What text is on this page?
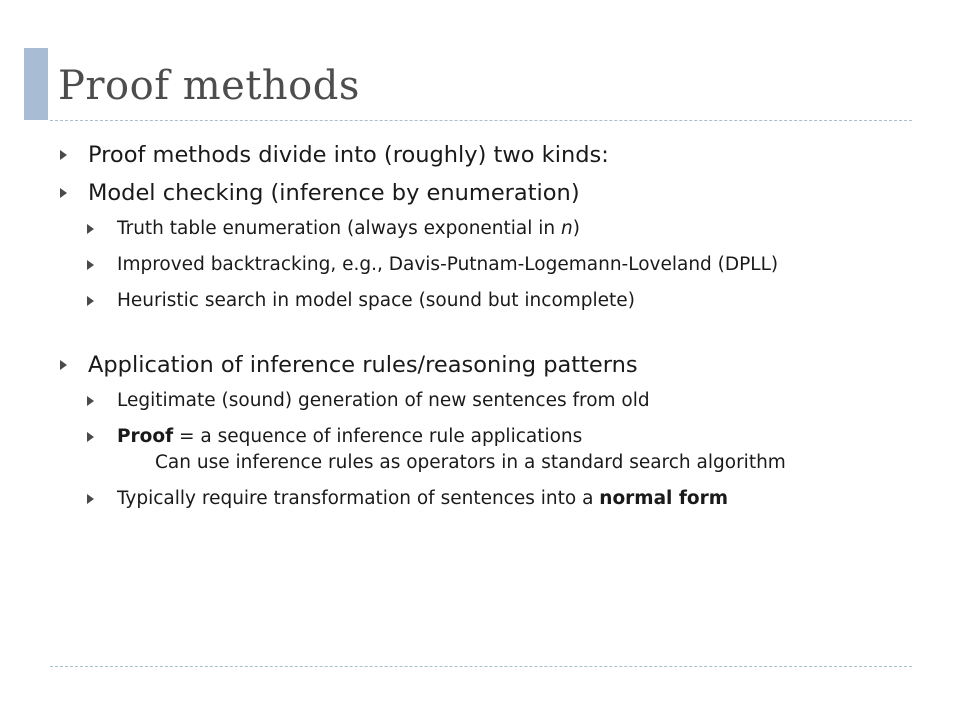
Proof methods
Proof methods divide into (roughly) two kinds:
Model checking (inference by enumeration)
Truth table enumeration (always exponential in n)
Improved backtracking, e.g., Davis-Putnam-Logemann-Loveland (DPLL)
Heuristic search in model space (sound but incomplete)
Application of inference rules/reasoning patterns
Legitimate (sound) generation of new sentences from old
Proof = a sequence of inference rule applications
Can use inference rules as operators in a standard search algorithm
Typically require transformation of sentences into a normal form
